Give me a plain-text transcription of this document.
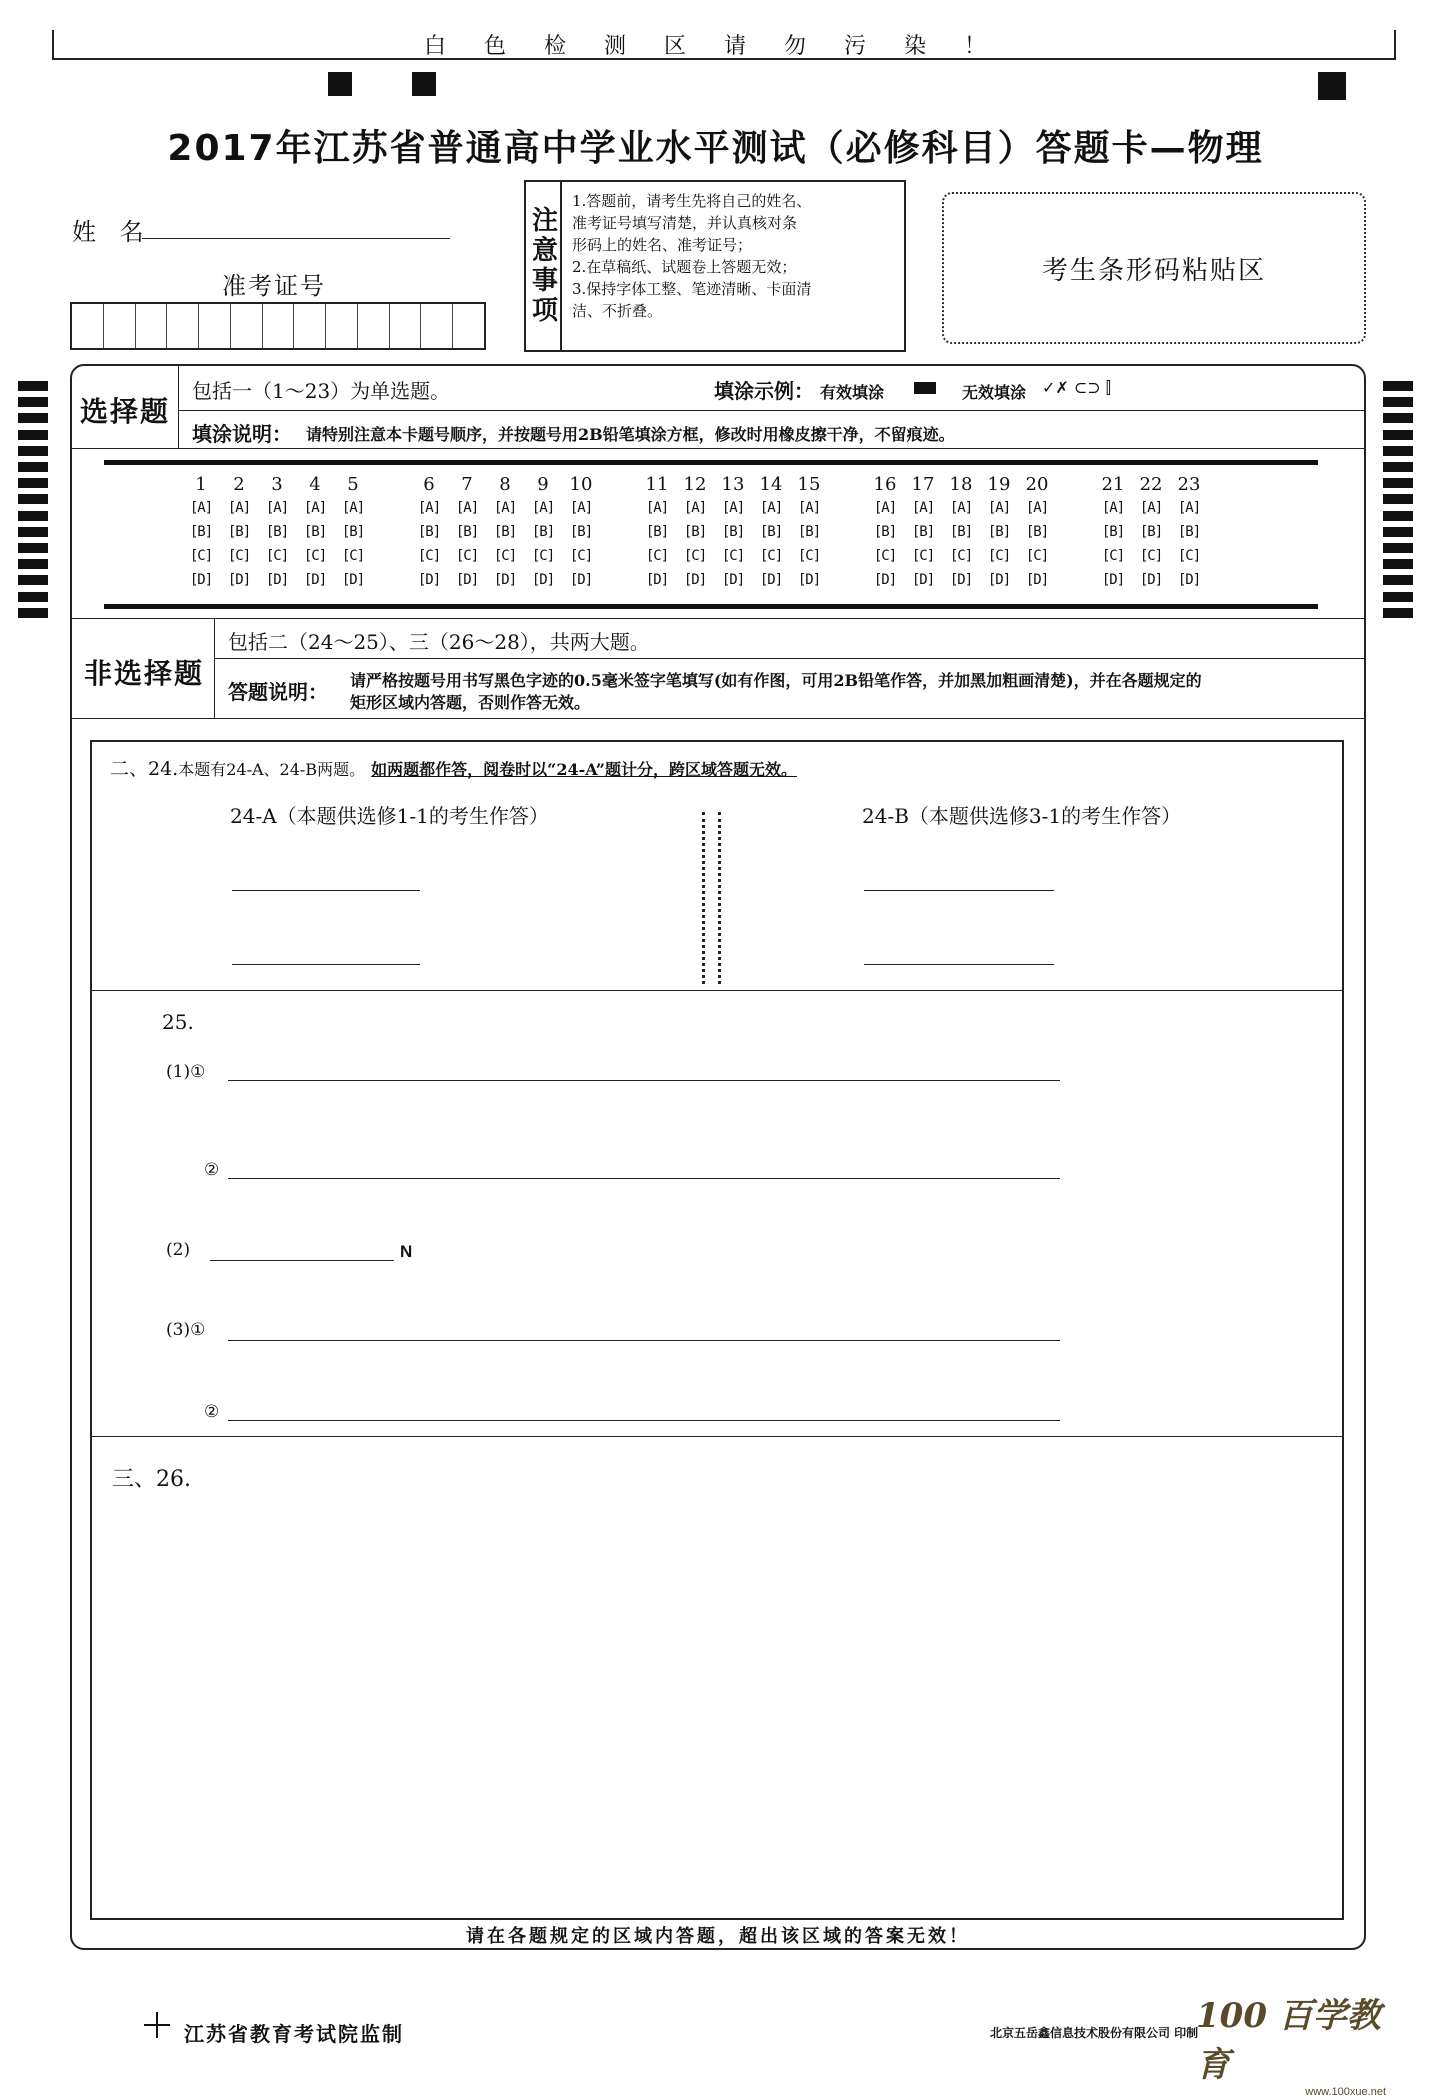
白色检测区请勿污染！
2017年江苏省普通高中学业水平测试（必修科目）答题卡—物理
姓 名
准考证号	注意事项
1.答题前，请考生先将自己的姓名、
准考证号填写清楚，并认真核对条
形码上的姓名、准考证号；
2.在草稿纸、试题卷上答题无效；
3.保持字体工整、笔迹清晰、卡面清
洁、不折叠。
考生条形码粘贴区
选择题
包括一（1～23）为单选题。	填涂示例： 有效填涂	无效填涂 ✓✗ ⊂⊃ ⫿
填涂说明： 请特别注意本卡题号顺序，并按题号用2B铅笔填涂方框，修改时用橡皮擦干净，不留痕迹。
1
[A]
[B]
[C]
[D]
2
[A]
[B]
[C]
[D]
3
[A]
[B]
[C]
[D]
4
[A]
[B]
[C]
[D]
5
[A]
[B]
[C]
[D]
6
[A]
[B]
[C]
[D]
7
[A]
[B]
[C]
[D]
8
[A]
[B]
[C]
[D]
9
[A]
[B]
[C]
[D]
10
[A]
[B]
[C]
[D]
11
[A]
[B]
[C]
[D]
12
[A]
[B]
[C]
[D]
13
[A]
[B]
[C]
[D]
14
[A]
[B]
[C]
[D]
15
[A]
[B]
[C]
[D]
16
[A]
[B]
[C]
[D]
17
[A]
[B]
[C]
[D]
18
[A]
[B]
[C]
[D]
19
[A]
[B]
[C]
[D]
20
[A]
[B]
[C]
[D]
21
[A]
[B]
[C]
[D]
22
[A]
[B]
[C]
[D]
23
[A]
[B]
[C]
[D]
非选择题
包括二（24～25）、三（26～28），共两大题。
答题说明： 请严格按题号用书写黑色字迹的0.5毫米签字笔填写(如有作图，可用2B铅笔作答，并加黑加粗画清楚)，并在各题规定的
矩形区域内答题，否则作答无效。
二、24.本题有24-A、24-B两题。 如两题都作答，阅卷时以“24-A”题计分，跨区域答题无效。
24-A（本题供选修1-1的考生作答）	24-B（本题供选修3-1的考生作答）
25.
(1)①
②
(2)	N
(3)①
②
三、26.
请在各题规定的区域内答题，超出该区域的答案无效！
江苏省教育考试院监制	北京五岳鑫信息技术股份有限公司 印制
100 百学教育
www.100xue.net
